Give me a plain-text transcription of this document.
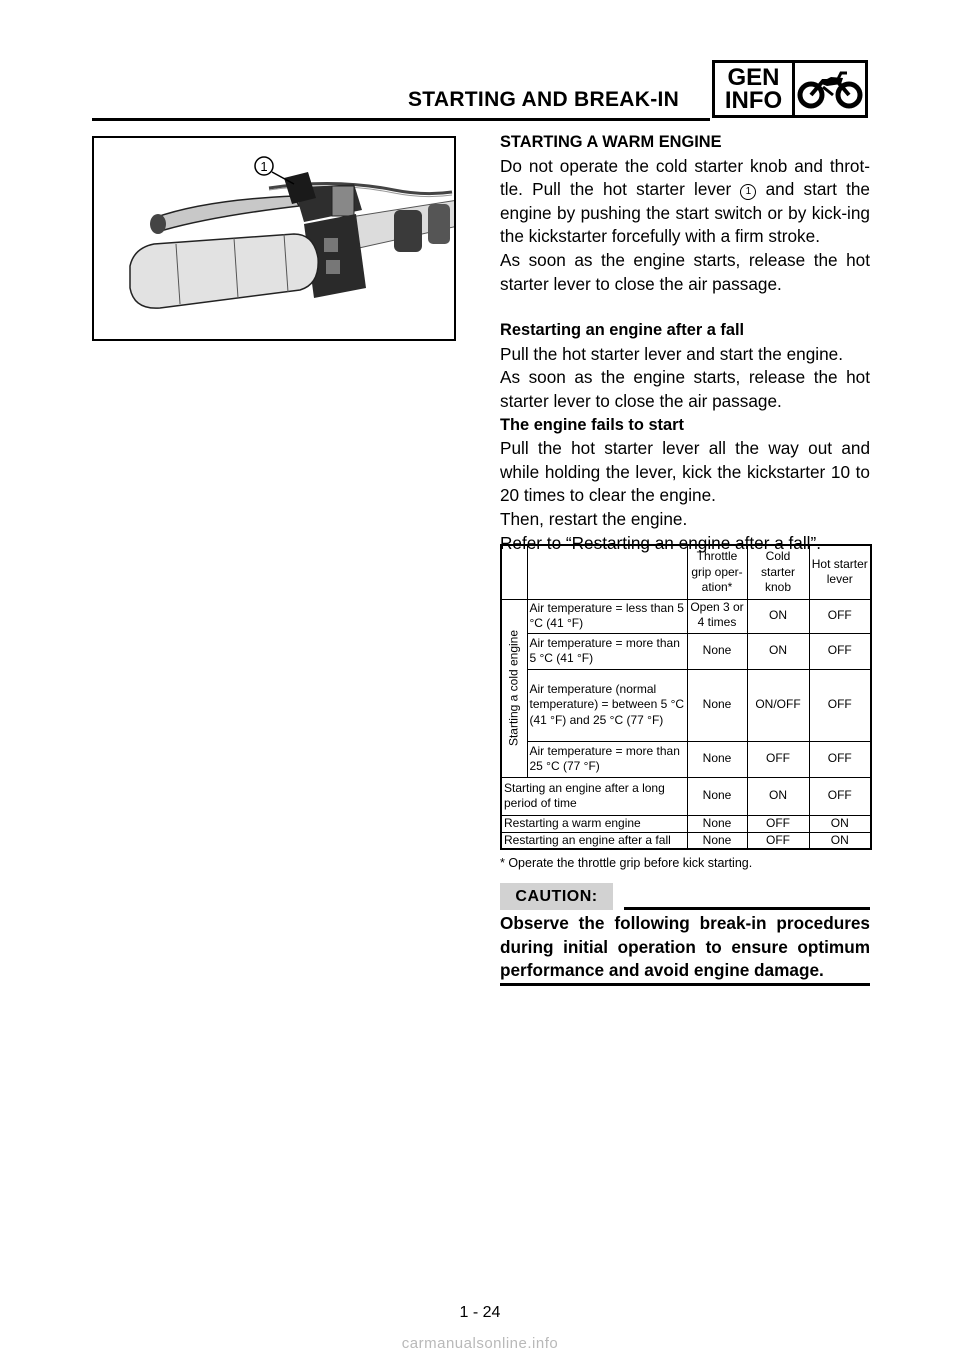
STARTING AND BREAK-IN
GEN
INFO
1

STARTING A WARM ENGINE

Do not operate the cold starter knob and throt-tle. Pull the hot starter lever 1 and start the engine by pushing the start switch or by kick-ing the kickstarter forcefully with a firm stroke.

As soon as the engine starts, release the hot starter lever to close the air passage.

Restarting an engine after a fall

Pull the hot starter lever and start the engine.

As soon as the engine starts, release the hot starter lever to close the air passage.

The engine fails to start

Pull the hot starter lever all the way out and while holding the lever, kick the kickstarter 10 to 20 times to clear the engine.

Then, restart the engine.

Refer to “Restarting an engine after a fall”.

		Throttle grip oper-ation*	Cold starter knob	Hot starter lever

Starting a cold engine	Air temperature = less than 5 °C (41 °F)	Open 3 or 4 times	ON	OFF
	Air temperature = more than 5 °C (41 °F)	None	ON	OFF
	Air temperature (normal temperature) = between 5 °C (41 °F) and 25 °C (77 °F)	None	ON/OFF	OFF
	Air temperature = more than 25 °C (77 °F)	None	OFF	OFF
Starting an engine after a long period of time		None	ON	OFF
Restarting a warm engine		None	OFF	ON
Restarting an engine after a fall		None	OFF	ON
* Operate the throttle grip before kick starting.
CAUTION:

Observe the following break-in procedures during initial operation to ensure optimum performance and avoid engine damage.

1 - 24
carmanualsonline.info
